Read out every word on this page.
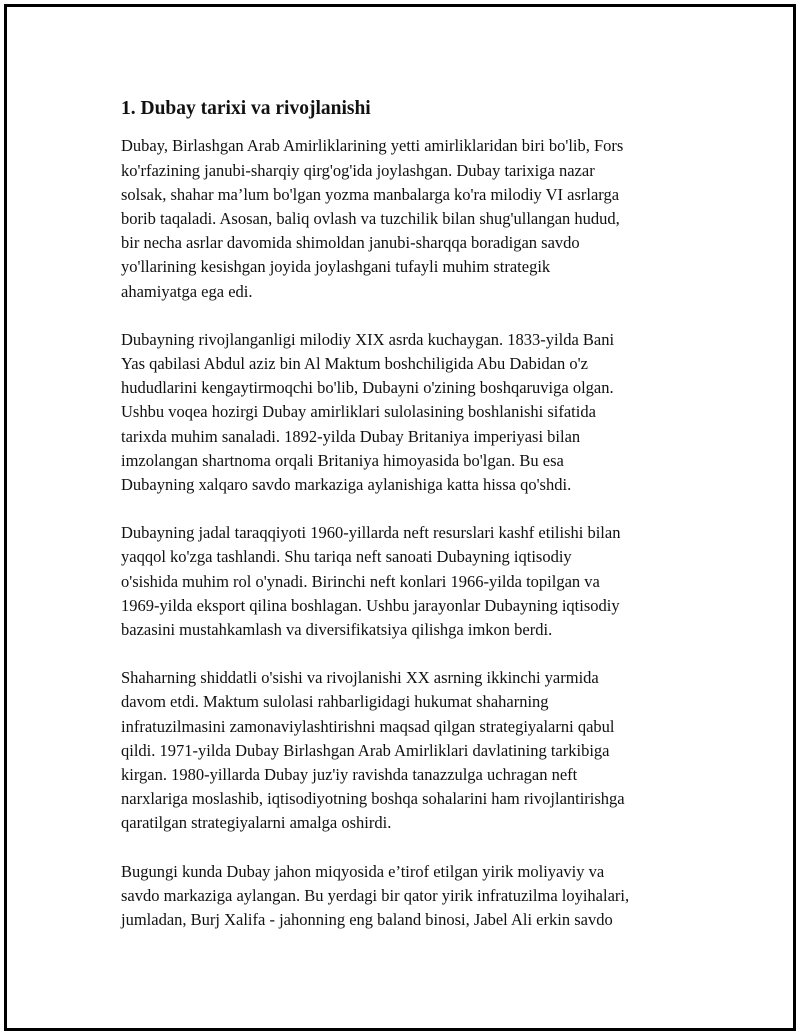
1. Dubay tarixi va rivojlanishi

Dubay, Birlashgan Arab Amirliklarining yetti amirliklaridan biri bo'lib, Fors
ko'rfazining janubi-sharqiy qirg'og'ida joylashgan. Dubay tarixiga nazar
solsak, shahar ma’lum bo'lgan yozma manbalarga ko'ra milodiy VI asrlarga
borib taqaladi. Asosan, baliq ovlash va tuzchilik bilan shug'ullangan hudud,
bir necha asrlar davomida shimoldan janubi-sharqqa boradigan savdo
yo'llarining kesishgan joyida joylashgani tufayli muhim strategik
ahamiyatga ega edi.

Dubayning rivojlanganligi milodiy XIX asrda kuchaygan. 1833-yilda Bani
Yas qabilasi Abdul aziz bin Al Maktum boshchiligida Abu Dabidan o'z
hududlarini kengaytirmoqchi bo'lib, Dubayni o'zining boshqaruviga olgan.
Ushbu voqea hozirgi Dubay amirliklari sulolasining boshlanishi sifatida
tarixda muhim sanaladi. 1892-yilda Dubay Britaniya imperiyasi bilan
imzolangan shartnoma orqali Britaniya himoyasida bo'lgan. Bu esa
Dubayning xalqaro savdo markaziga aylanishiga katta hissa qo'shdi.

Dubayning jadal taraqqiyoti 1960-yillarda neft resurslari kashf etilishi bilan
yaqqol ko'zga tashlandi. Shu tariqa neft sanoati Dubayning iqtisodiy
o'sishida muhim rol o'ynadi. Birinchi neft konlari 1966-yilda topilgan va
1969-yilda eksport qilina boshlagan. Ushbu jarayonlar Dubayning iqtisodiy
bazasini mustahkamlash va diversifikatsiya qilishga imkon berdi.

Shaharning shiddatli o'sishi va rivojlanishi XX asrning ikkinchi yarmida
davom etdi. Maktum sulolasi rahbarligidagi hukumat shaharning
infratuzilmasini zamonaviylashtirishni maqsad qilgan strategiyalarni qabul
qildi. 1971-yilda Dubay Birlashgan Arab Amirliklari davlatining tarkibiga
kirgan. 1980-yillarda Dubay juz'iy ravishda tanazzulga uchragan neft
narxlariga moslashib, iqtisodiyotning boshqa sohalarini ham rivojlantirishga
qaratilgan strategiyalarni amalga oshirdi.

Bugungi kunda Dubay jahon miqyosida e’tirof etilgan yirik moliyaviy va
savdo markaziga aylangan. Bu yerdagi bir qator yirik infratuzilma loyihalari,
jumladan, Burj Xalifa - jahonning eng baland binosi, Jabel Ali erkin savdo
